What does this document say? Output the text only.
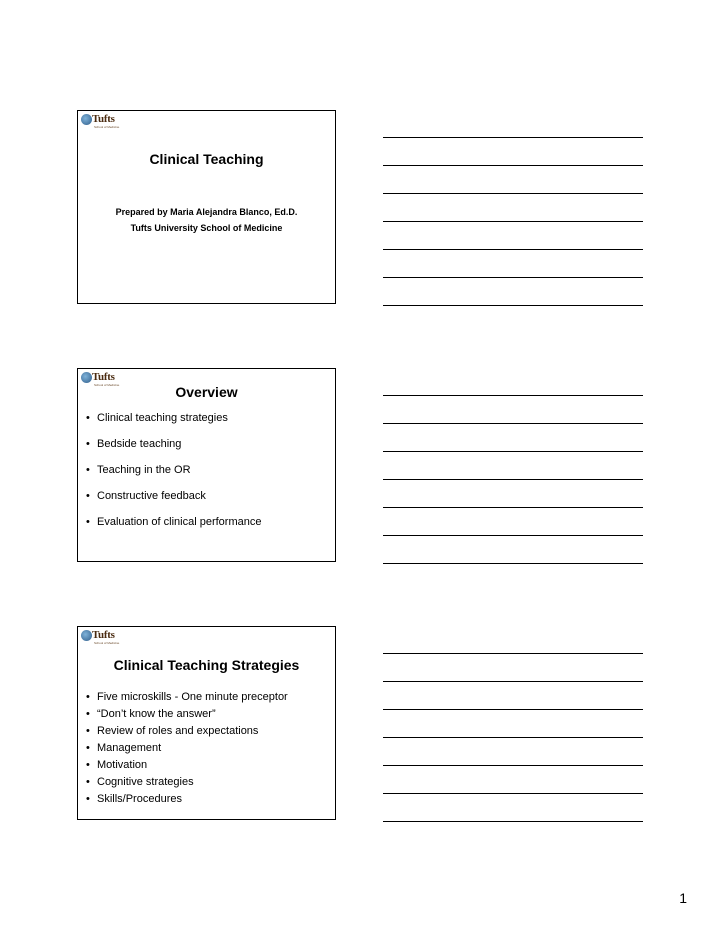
Tufts
School of Medicine
Clinical Teaching
Prepared by Maria Alejandra Blanco, Ed.D.
Tufts University School of Medicine
Tufts
School of Medicine	Overview
• Clinical teaching strategies
• Bedside teaching
• Teaching in the OR
• Constructive feedback
• Evaluation of clinical performance
Tufts
School of Medicine
Clinical Teaching Strategies
• Five microskills - One minute preceptor
• “Don’t know the answer”
• Review of roles and expectations
• Management
• Motivation
• Cognitive strategies
• Skills/Procedures
1
